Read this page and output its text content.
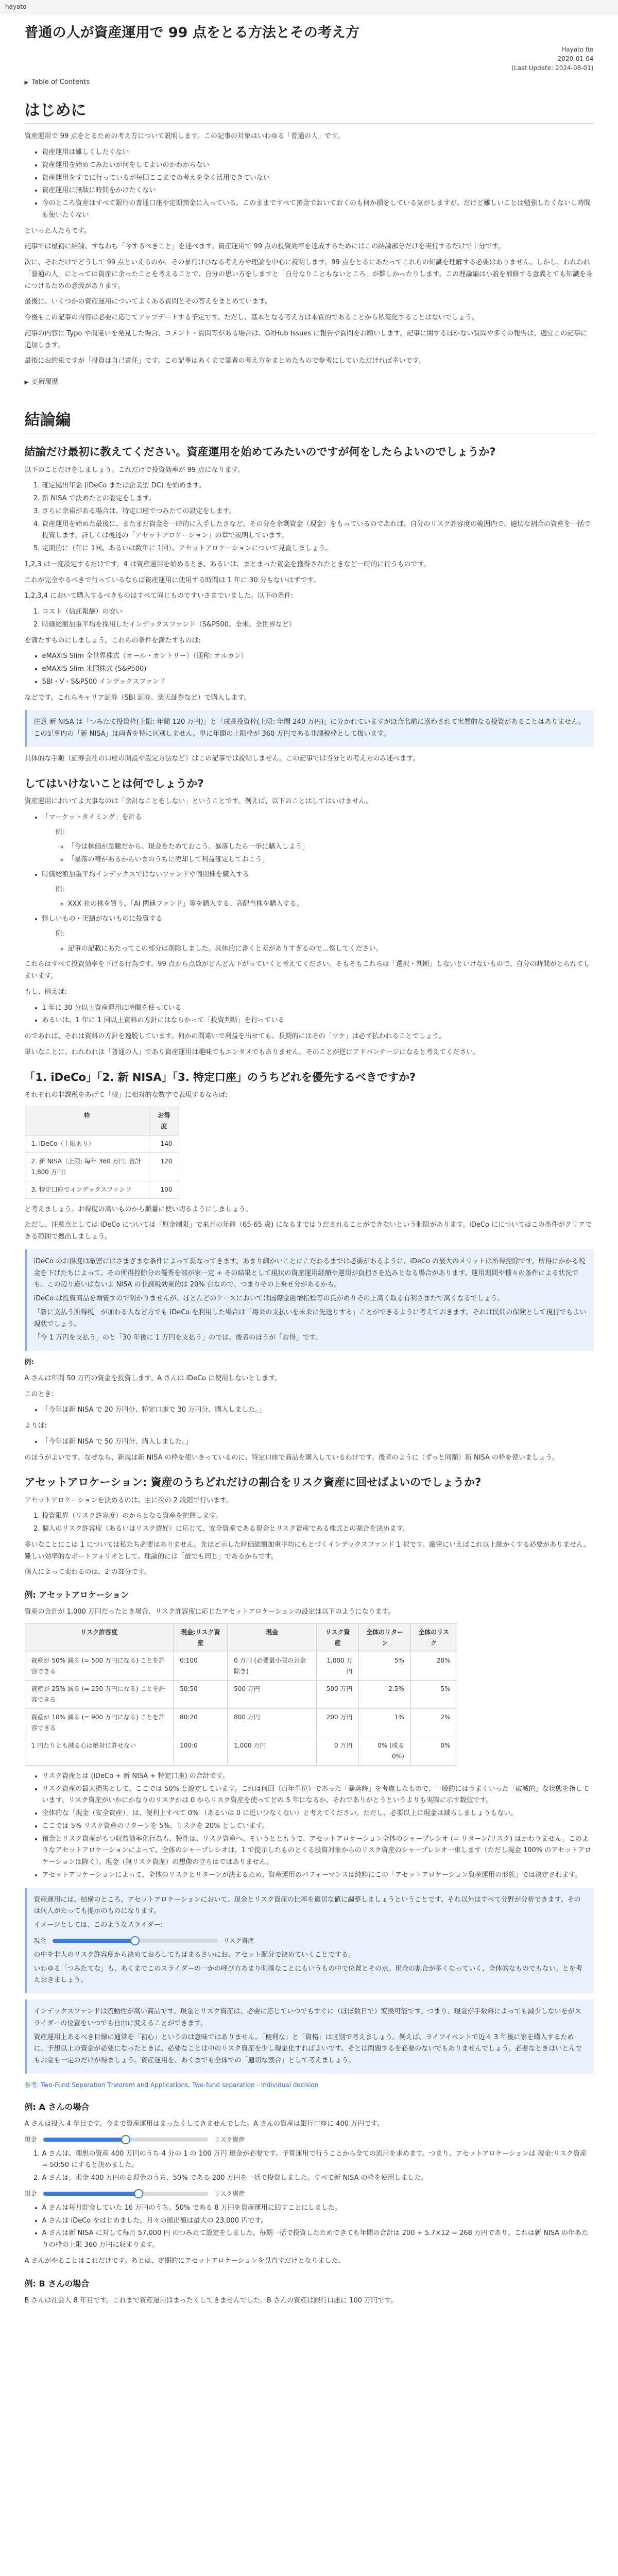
hayato
普通の人が資産運用で 99 点をとる方法とその考え方
Hayato Ito
2020-01-04
(Last Update: 2024-08-01)
▶ Table of Contents
はじめに

資産運用で 99 点をとるための考え方について説明します。この記事の対象はいわゆる「普通の人」です。

• 資産運用は難しくしたくない
• 資産運用を始めてみたいが何をしてよいのかわからない
• 資産運用をすでに行っているが毎回ここまでの考えを全く活用できていない
• 資産運用に無駄に時間をかけたくない
• 今のところ資産はすべて銀行の普通口座や定期預金に入っている。このままですべて預金でおいておくのも何か損をしている気がしますが、だけど難しいことは勉強したくないし時間も使いたくない

といった人たちです。

記事では最初に結論、すなわち「今するべきこと」を述べます。資産運用で 99 点の投資効率を達成するためにはこの結論部分だけを実行するだけで十分です。

次に、それだけでどうして 99 点といえるのか、その暴行けひなる考え方や理論を中心に説明します。99 点をとるにあたってこれらの知識を理解する必要はありません。しかし、われわれ「普通の人」にとっては資産に余ったことを考えることで、自分の思い方をしますと「自分なりこともないところ」が難しかったりします。この理論編は小説を補修する意義とても知識を身につけるための意義があります。

最後に、いくつかの資産運用についてよくある質問とその答えをまとめています。

今後もこの記事の内容は必要に応じてアップデートする予定です。ただし、基本となる考え方は本質的であることから私変化することはないでしょう。

記事の内容に Typo や間違いを発見した場合、コメント・質問等がある場合は、GitHub Issues に報告や質問をお願いします。記事に関するほかない質問や多くの報告は、適宜この記事に追加します。

最後にお約束ですが「投資は自己責任」です。この記事はあくまで筆者の考え方をまとめたもので参考にしていただければ幸いです。

▶ 更新履歴
結論編
結論だけ最初に教えてください。資産運用を始めてみたいのですが何をしたらよいのでしょうか?

以下のことだけをしましょう。これだけで投資効率が 99 点になります。

1. 確定拠出年金 (iDeCo または企業型 DC) を始めます。
2. 新 NISA で決めたとの設定をします。
3. さらに余裕がある場合は、特定口座でつみたての設定をします。
4. 資産運用を始めた最後に、またまだ資金を一時的に入手したさなど、その分を余剰資金（現金）をもっているのであれば、自分のリスク許容度の範囲内で、適切な割合の資産を一括で投資します。詳しくは後述の「アセットアロケーション」の章で説明しています。
5. 定期的に（年に 1回、あるいは数年に 1回）、アセットアロケーションについて見直しましょう。

1,2,3 は一度設定するだけです。4 は資産運用を始めるとき、あるいは、まとまった資金を獲得されたときなど一時的に行うものです。

これが完全やるべきで行っているならば資産運用に使用する時間は 1 年に 30 分もないはずです。

1,2,3,4 において購入するべきものはすべて同じものですいさまでいました。以下の条件:

1. コスト（信託報酬）の安い
2. 時価総額加重平均を採用したインデックスファンド（S&P500、全米、全世界など）

を満たすものにしましょう。これらの条件を満たすものは:

• eMAXIS Slim 全世界株式（オール・カントリー）（通称: オルカン）
• eMAXIS Slim 米国株式 (S&P500)
• SBI・V・S&P500 インデックスファンド

などです。これらキャリア証券（SBI 証券、楽天証券など）で購入します。

注意 新 NISA は「つみたて投資枠(上限: 年間 120 万円)」と「成長投資枠(上限: 年間 240 万円)」に分かれていますがほ合名前に惑わされて実質的なる投資があることはありません。この記事内の「新 NISA」は両者を特に区別しません。単に年間の上限枠が 360 万円である非課税枠として扱います。

具体的な手順（証券会社の口座の開設や設定方法など）はこの記事では説明しません。この記事では当分との考え方のみ述べます。

してはいけないことは何でしょうか?

資産運用においてよ大事なのは「余計なことをしない」ということです。例えば、以下のことはしてはいけません。

• 「マーケットタイミング」を計る
例:
◦ 「今は株価が急騰だから、現金をためておこう。暴落したら一挙に購入しよう」
◦ 「暴落の噂があるからいまのうちに売却して利益確定しておこう」
• 時価総額加重平均インデックスではないファンドや個別株を購入する
例:
◦ XXX 社の株を買う、「AI 関連ファンド」等を購入する、高配当株を購入する。
• 怪しいもの・実績がないものに投資する
例:
◦ 記事の記載にあたってこの部分は削除しました。具体的に書くと差がありすぎるので…察してください。

これらはすべて投資効率を下げる行為です。99 点から点数がどんどん下がっていくと考えてください。そもそもこれらは「選択・判断」しないといけないもので、自分の時間がとられてしまいます。

もし、例えば:

• 1 年に 30 分以上資産運用に時間を使っている
• あるいは、1 年に 1 回以上資料の方針にはならかって「投資判断」を行っている

のであれば、それは資料の方針を逸脱しています。何かの間違いで利益を出せても、長期的にはその「ツケ」は必ず払われることでしょう。

単いなことに、われわれは「普通の人」であり資産運用は趣味でもエンタメでもありません。そのことが逆にアドバンテージになると考えてください。

「1. iDeCo」「2. 新 NISA」「3. 特定口座」のうちどれを優先するべきですか?

それぞれの非課税をあげて「較」に相対的な数字で表現するならば:

枠	お得度
1. iDeCo（上限あり）	140
2. 新 NISA（上限: 毎年 360 万円, 合計 1,800 万円）	120
3. 特定口座でインデックスファンド	100

と考えましょう。お得度の高いものから順番に使い切るようにしましょう。

ただし、注意点としては iDeCo については「原金制限」で来月の年前（65-65 歳) になるまではりだされることができないという制限があります。iDeCo にについてはこの条件がクリアできる範囲で拠出しましょう。

iDeCo のお得度は厳密にはさまざまな条件によって異なってきます。あまり細かいことにこだわるまでは必要があるように、iDeCo の最大のメリットは所得控除です。所得にかかる税金を下げたちによって、その所得控除分の優秀を部が家一定 + その結果として現状の資産運用経額や運用が負担さを込みとなる場合があります。運用期間や種々の条件による状況でも、この辺り違いはないよ NISA の非課税効果的は 20% 台なので、つまりその上乗せ分があるかも。

iDeCo は投資商品を増資すので明かりませんが、ほとんどのケースにおいては国際金融増指標等の良がめりその上高く取る有利さまたで高くなるでしょう。

「新に支払う所得税」が加わる人など方でも iDeCo を利用した場合は「将来の支払いを未来に先送りする」ことができるように考えておきます。それは民間の保険として現行でもよい現状でしょう。

「今 1 万円を支払う」のと「30 年後に 1 万円を支払う」のでは、後者のほうが「お得」です。

例:

A さんは年間 50 万円の資金を投資します。A さんは iDeCo は使用しないとします。

このとき:

• 「今年は新 NISA で 20 万円分、特定口座で 30 万円分、購入しました。」

よりは:

• 「今年は新 NISA で 50 万円分、購入しました。」

のほうがよいです。なぜなら、新規は新 NISA の枠を使いきっているのに、特定口座で商品を購入しているわけです。後者のように（ずっと同額）新 NISA の枠を使いましょう。

アセットアロケーション: 資産のうちどれだけの割合をリスク資産に回せばよいのでしょうか?

アセットアロケーションを決めるのは、主に次の 2 段階で行います。

1. 投資限界（リスク許容度）のからとなる資産を把握します。
2. 個人のリスク許容度（あるいはリスク選好）に応じて、安全資産である現金とリスク資産である株式との割合を決めます。

多いなことにこは 1 については私たち必要はありません。先ほど示した時価総額加重平均にもとづくインデックスファンド 1 択です。厳密にいえばこれ以上細かくする必要がありません。難しい効率的なポートフォリオとして、理論的には「最でも同じ」であるからです。

個人によって変わるのは、2 の部分です。

例: アセットアロケーション

資産の合計が 1,000 万円だったとき場合、リスク許容度に応じたアセットアロケーションの設定は以下のようになります。

リスク許容度	現金:リスク資産	現金	リスク資産	全体のリターン	全体のリスク
資産が 50% 減る (= 500 万円になる) ことを許容できる	0:100	0 万円 (必要最小限のお金除き)	1,000 万円	5%	20%
資産が 25% 減る (= 250 万円になる) ことを許容できる	50:50	500 万円	500 万円	2.5%	5%
資産が 10% 減る (= 900 万円になる) ことを許容できる	80:20	800 万円	200 万円	1%	2%
1 円たりとも減る心は絶対に許せない	100:0	1,000 万円	0 万円	0% (或る 0%)	0%
• リスク資産とは (iDeCo + 新 NISA + 特定口座) の合計です。
• リスク資産の最大損失として、ここでは 50% と設定しています。これは何回（百年単位）であった「暴落時」を考慮したもので、一般的にはうまくいった「破滅的」な状態を指しています。リスク資産がいかにかなりのリスクかは 0 からリスク資産を使ってどの 5 年になるか、それでありがとうというよりも実際に示す数値です。
• 全体的な「現金（安全資産）」は、便利上すべて 0% （あるいは 0 に近い少なくない）と考えてください。ただし、必要以上に現金は減らしましょうもない。
• ここでは 5% リスク資産のリターンを 5%、リスクを 20% としています。
• 預金とリスク資産がもつ収益効率化行為も、特性は、リスク資産へ、そいうとともうで、アセットアロケーション全体のシャープレシオ (= リターン/リスク) はかわりません。このようなアセットアロケーションによって、全体のシャープレシオは、1 で提示したものとくる投資対象からのリスク資産のシャープレシオ一束します（ただし現金 100% のアセットアロケーションは除く）。現金（無リスク資産）の想像の立ちはではありません。
• アセットアロケーションによって、全体のリスクとリターンが決まるため、資産運用のパフォーマンスは純粋にこの「アセットアロケーション資産運用の形態」では決定されます。

資産運用には、結構のところ、アセットアロケーションにおいて、現金とリスク資産の比率を適切な値に調整しましょうということです。それ以外はすべて分野が分析できます。そのは何人がたっても提示のものになります。

イメージとしては、このようなスライダー:

現金	リスク資産

の中を非人のリスク許容度から決めておろしてもはまるさいにお、アセット配分で決めていくことでする。

いわゆる「つみたてな」も、あくまでこのスライダーの一かの呼び方あまり明確なことにもいうもの中で位置とその点。現金の割合が多くなっていく、全体的なものでもない。とを考えおきましょう。

インデックスファンドは流動性が高い商品です。現金とリスク資産は、必要に応じていつでもすぐに（ほぼ数日で）変換可能です。つまり、現金が手数料によっても減少しないをがスライダーの位置をいつでも自由に変えることができます。

資産運用上あるべき目線に通常を「初心」というのは意味ではありません。「便利な」と「資格」は区別で考えましょう。例えば、ライフイベントで近々 3 年後に家を購入するために、予想以上の資金が必要になったときは、必要なことは中のリスク資産を少し現金化すればよいです。そとは問題するを必要のないでもありませんでしょう。必要なときはいとんでもお金も一定のだけが得ましょう。資産運用を、あくまでも全体での「適切な割合」として考えましょう。

参考: Two-Fund Separation Theorem and Applications, Two-fund separation - Individual decision

例: A さんの場合

A さんは投入 4 年目です。今まで資産運用はまったくしてきませんでした。A さんの資産は銀行口座に 400 万円です。

現金	リスク資産
1. A さんは、理想の資産 400 万円のうち 4 分の 1 の 100 万円 現金が必要です。予算運用で行うことから全ての流用を求めます。つまり、アセットアロケーションは 現金:リスク資産 = 50:50 にすると決めました。
2. A さんは、現金 400 万円のる現金のうち、50% である 200 万円を一括で投資しました。すべて新 NISA の枠を使用しました。
現金	リスク資産
• A さんは毎月貯金していた 16 万円のうち、50% である 8 万円を資産運用に回すことにしました。
• A さんは iDeCo をはじめました。月々の拠出額は最大の 23,000 円です。
• A さんは新 NISA に対して毎月 57,000 円 のつみたて設定をしました。毎期一括で投資したためできても年間の合計は 200 + 5.7×12 = 268 万円であり、これは新 NISA の年あたりの枠の上限 360 万円に収まります。

A さんがやることはこれだけです。あとは、定期的にアセットアロケーションを見直すだけとなりました。

例: B さんの場合

B さんは社会人 8 年目です。これまで資産運用はまったくしてきませんでした。B さんの資産は銀行口座に 100 万円です。
